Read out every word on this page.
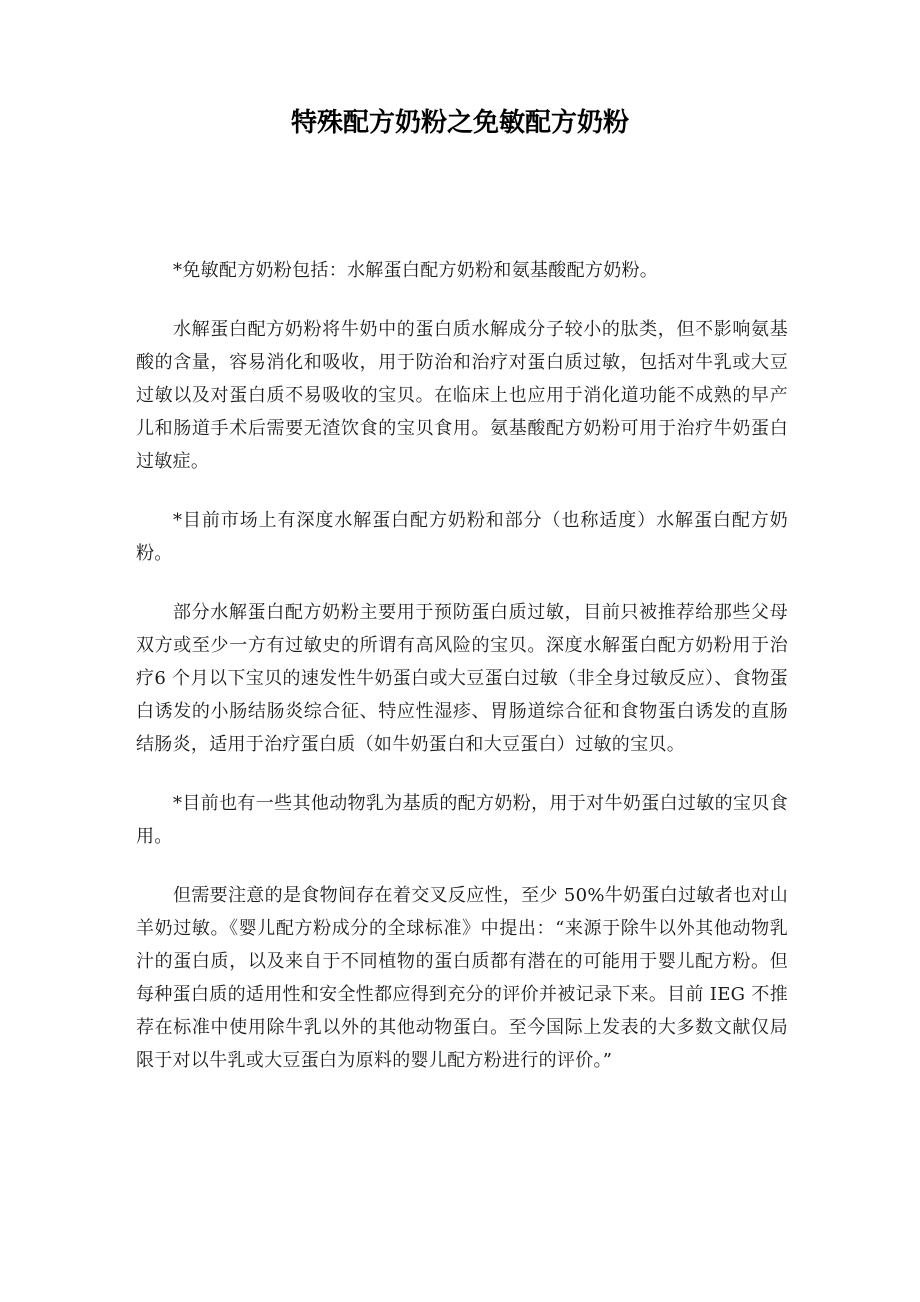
特殊配方奶粉之免敏配方奶粉

*免敏配方奶粉包括：水解蛋白配方奶粉和氨基酸配方奶粉。

水解蛋白配方奶粉将牛奶中的蛋白质水解成分子较小的肽类，但不影响氨基酸的含量，容易消化和吸收，用于防治和治疗对蛋白质过敏，包括对牛乳或大豆过敏以及对蛋白质不易吸收的宝贝。在临床上也应用于消化道功能不成熟的早产儿和肠道手术后需要无渣饮食的宝贝食用。氨基酸配方奶粉可用于治疗牛奶蛋白过敏症。

*目前市场上有深度水解蛋白配方奶粉和部分（也称适度）水解蛋白配方奶粉。

部分水解蛋白配方奶粉主要用于预防蛋白质过敏，目前只被推荐给那些父母双方或至少一方有过敏史的所谓有高风险的宝贝。深度水解蛋白配方奶粉用于治疗6 个月以下宝贝的速发性牛奶蛋白或大豆蛋白过敏（非全身过敏反应）、食物蛋白诱发的小肠结肠炎综合征、特应性湿疹、胃肠道综合征和食物蛋白诱发的直肠结肠炎，适用于治疗蛋白质（如牛奶蛋白和大豆蛋白）过敏的宝贝。

*目前也有一些其他动物乳为基质的配方奶粉，用于对牛奶蛋白过敏的宝贝食用。

但需要注意的是食物间存在着交叉反应性，至少 50%牛奶蛋白过敏者也对山羊奶过敏。《婴儿配方粉成分的全球标准》中提出：“来源于除牛以外其他动物乳汁的蛋白质，以及来自于不同植物的蛋白质都有潜在的可能用于婴儿配方粉。但每种蛋白质的适用性和安全性都应得到充分的评价并被记录下来。目前 IEG 不推荐在标准中使用除牛乳以外的其他动物蛋白。至今国际上发表的大多数文献仅局限于对以牛乳或大豆蛋白为原料的婴儿配方粉进行的评价。”
